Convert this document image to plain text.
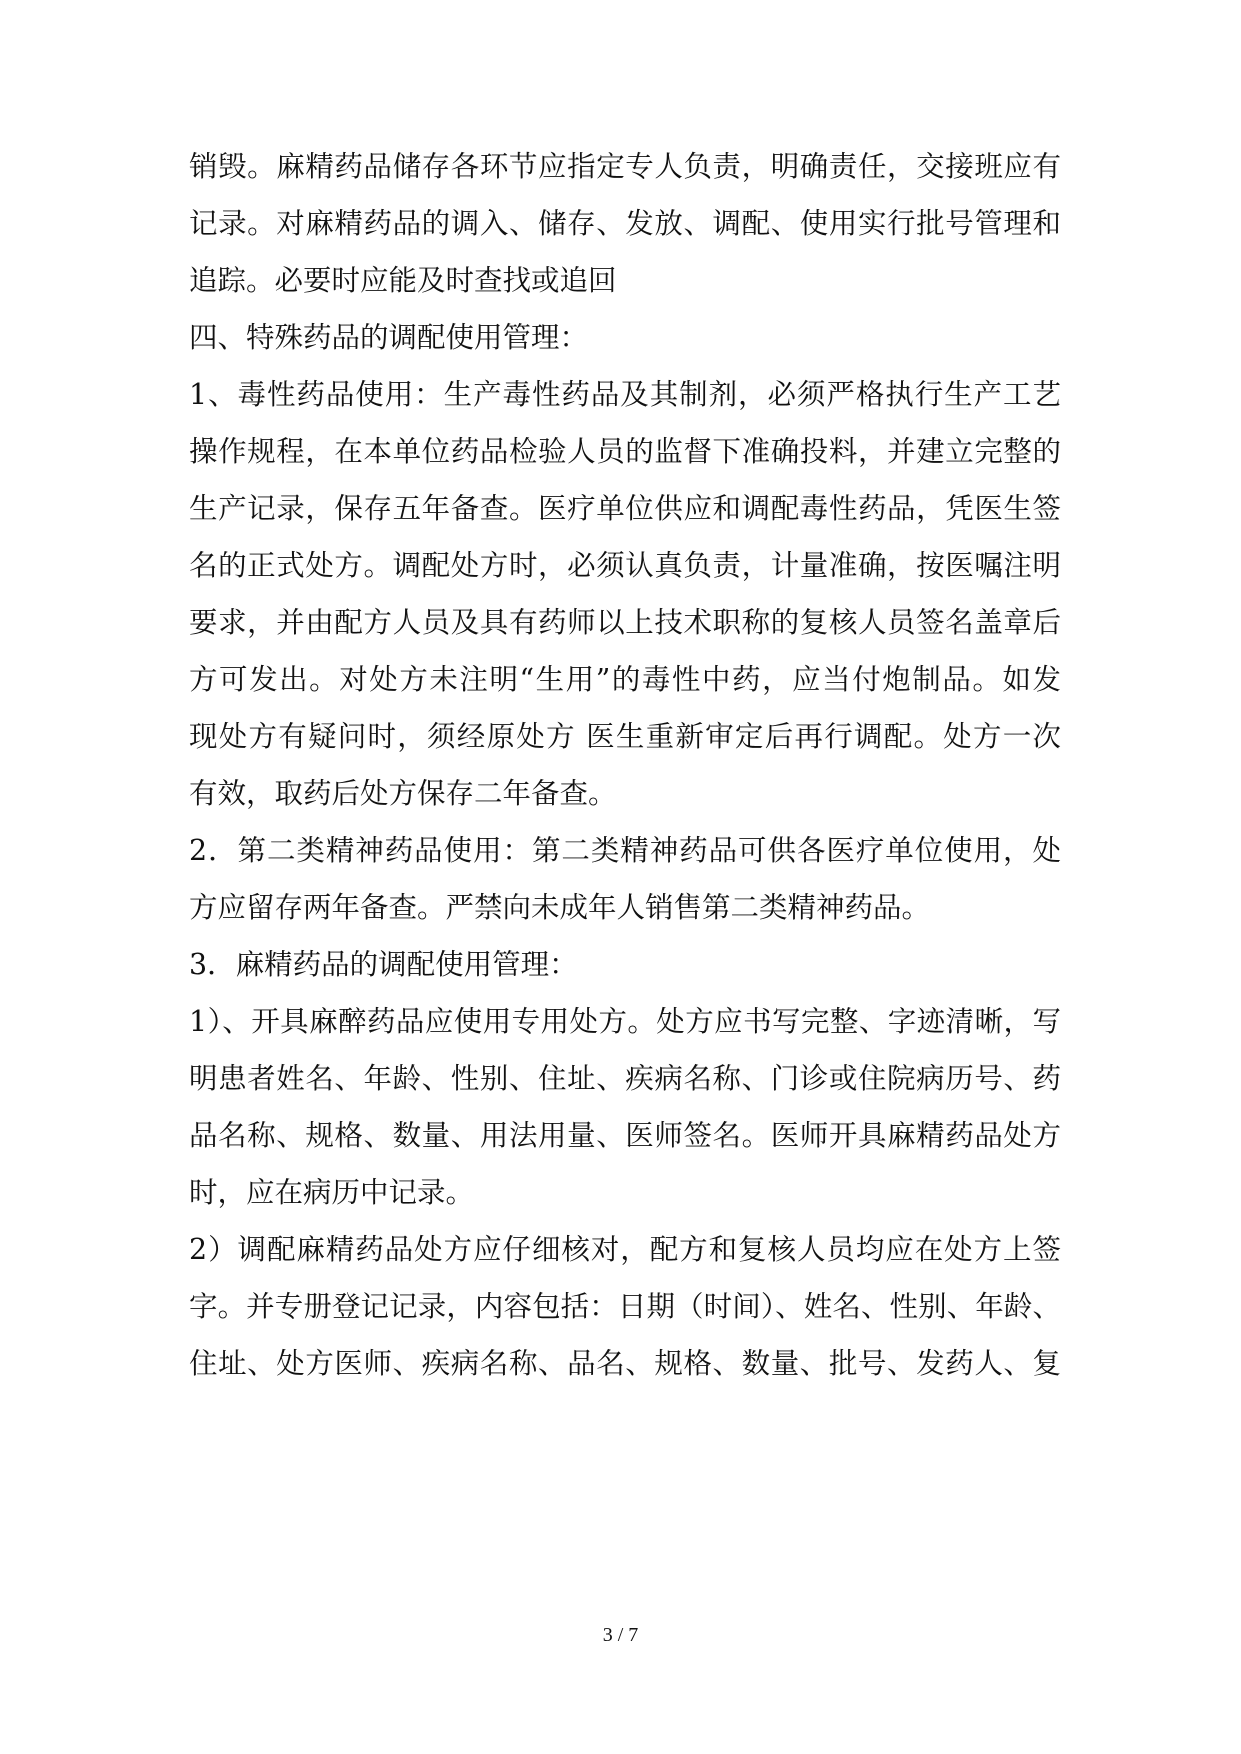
销毁。麻精药品储存各环节应指定专人负责，明确责任，交接班应有
记录。对麻精药品的调入、储存、发放、调配、使用实行批号管理和
追踪。必要时应能及时查找或追回
四、特殊药品的调配使用管理：
1、毒性药品使用：生产毒性药品及其制剂，必须严格执行生产工艺
操作规程，在本单位药品检验人员的监督下准确投料，并建立完整的
生产记录，保存五年备查。医疗单位供应和调配毒性药品，凭医生签
名的正式处方。调配处方时，必须认真负责，计量准确，按医嘱注明
要求，并由配方人员及具有药师以上技术职称的复核人员签名盖章后
方可发出。对处方未注明“生用”的毒性中药，应当付炮制品。如发
现处方有疑问时，须经原处方 医生重新审定后再行调配。处方一次
有效，取药后处方保存二年备查。
2．第二类精神药品使用：第二类精神药品可供各医疗单位使用，处
方应留存两年备查。严禁向未成年人销售第二类精神药品。
3．麻精药品的调配使用管理：
1）、开具麻醉药品应使用专用处方。处方应书写完整、字迹清晰，写
明患者姓名、年龄、性别、住址、疾病名称、门诊或住院病历号、药
品名称、规格、数量、用法用量、医师签名。医师开具麻精药品处方
时，应在病历中记录。
2）调配麻精药品处方应仔细核对，配方和复核人员均应在处方上签
字。并专册登记记录，内容包括：日期（时间）、姓名、性别、年龄、
住址、处方医师、疾病名称、品名、规格、数量、批号、发药人、复
3 / 7
